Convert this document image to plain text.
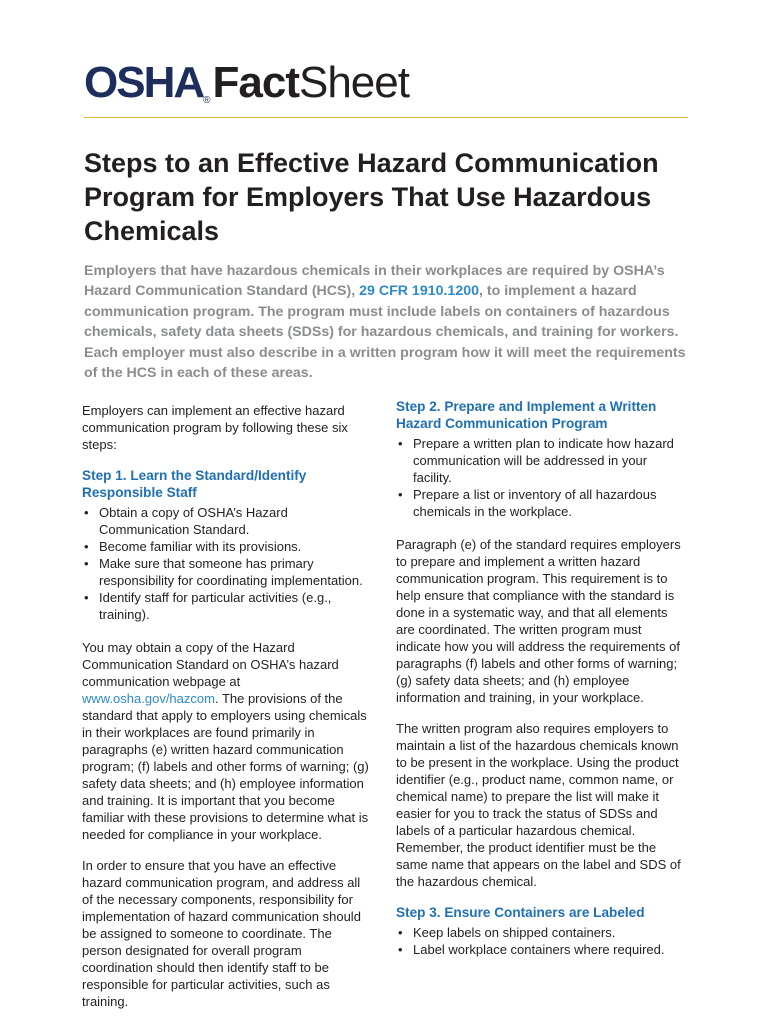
OSHA ® Fact Sheet
Steps to an Effective Hazard Communication Program for Employers That Use Hazardous Chemicals

Employers that have hazardous chemicals in their workplaces are required by OSHA’s Hazard Communication Standard (HCS), 29 CFR 1910.1200, to implement a hazard communication program. The program must include labels on containers of hazardous chemicals, safety data sheets (SDSs) for hazardous chemicals, and training for workers. Each employer must also describe in a written program how it will meet the requirements of the HCS in each of these areas.

Employers can implement an effective hazard communication program by following these six steps:

Step 1. Learn the Standard/Identify Responsible Staff
• Obtain a copy of OSHA’s Hazard Communication Standard.
• Become familiar with its provisions.
• Make sure that someone has primary responsibility for coordinating implementation.
• Identify staff for particular activities (e.g., training).

You may obtain a copy of the Hazard Communication Standard on OSHA’s hazard communication webpage at www.osha.gov/hazcom. The provisions of the standard that apply to employers using chemicals in their workplaces are found primarily in paragraphs (e) written hazard communication program; (f) labels and other forms of warning; (g) safety data sheets; and (h) employee information and training. It is important that you become familiar with these provisions to determine what is needed for compliance in your workplace.

In order to ensure that you have an effective hazard communication program, and address all of the necessary components, responsibility for implementation of hazard communication should be assigned to someone to coordinate. The person designated for overall program coordination should then identify staff to be responsible for particular activities, such as training.

Step 2. Prepare and Implement a Written Hazard Communication Program
• Prepare a written plan to indicate how hazard communication will be addressed in your facility.
• Prepare a list or inventory of all hazardous chemicals in the workplace.

Paragraph (e) of the standard requires employers to prepare and implement a written hazard communication program. This requirement is to help ensure that compliance with the standard is done in a systematic way, and that all elements are coordinated. The written program must indicate how you will address the requirements of paragraphs (f) labels and other forms of warning; (g) safety data sheets; and (h) employee information and training, in your workplace.

The written program also requires employers to maintain a list of the hazardous chemicals known to be present in the workplace. Using the product identifier (e.g., product name, common name, or chemical name) to prepare the list will make it easier for you to track the status of SDSs and labels of a particular hazardous chemical. Remember, the product identifier must be the same name that appears on the label and SDS of the hazardous chemical.

Step 3. Ensure Containers are Labeled
• Keep labels on shipped containers.
• Label workplace containers where required.
